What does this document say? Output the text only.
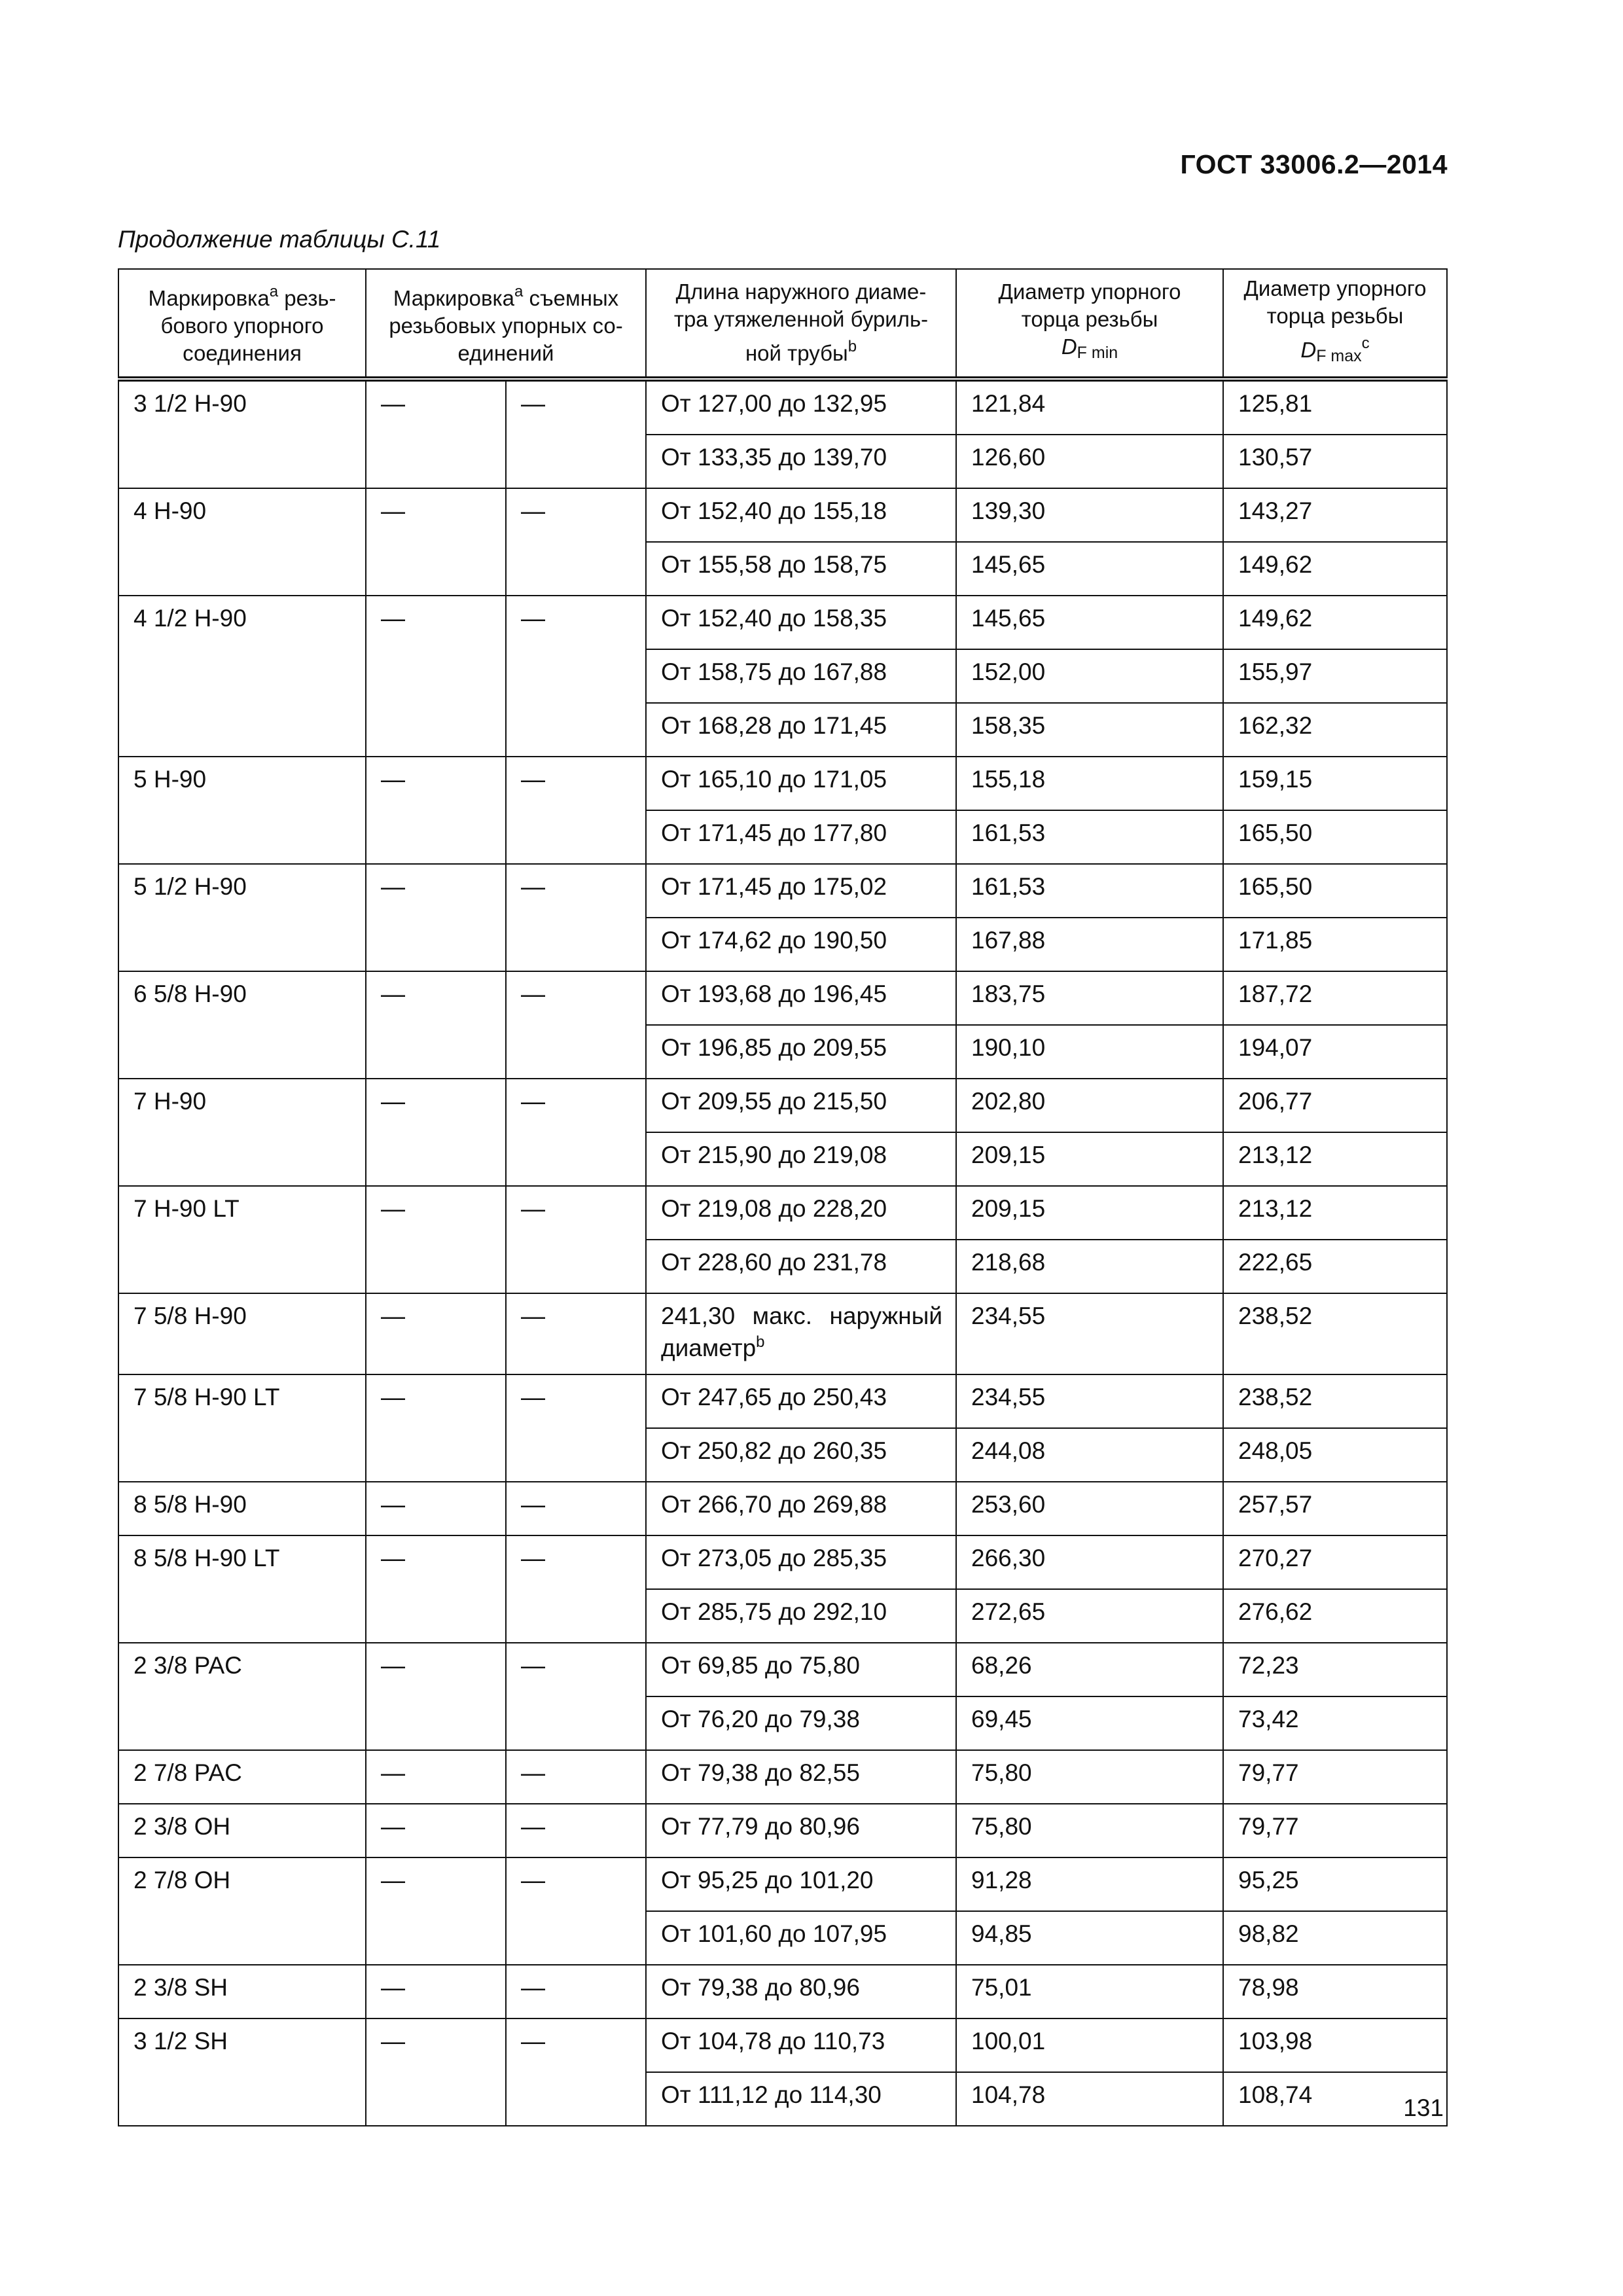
ГОСТ 33006.2—2014
Продолжение таблицы С.11
Маркировка$^a$ резь-
бового упорного
соединения	Маркировка$^a$ съемных
резьбовых упорных со-
единений		Длина наружного диаме-
тра утяжеленной буриль-
ной трубы$^b$	Диаметр упорного
торца резьбы
$D_F$ $_{min}$	Диаметр упорного
торца резьбы
$D_F$ $_{max}^c$
3 1/2 H-90	—	—	От 127,00 до 132,95	121,84	125,81
			От 133,35 до 139,70	126,60	130,57
4 H-90	—	—	От 152,40 до 155,18	139,30	143,27
			От 155,58 до 158,75	145,65	149,62
4 1/2 H-90	—	—	От 152,40 до 158,35	145,65	149,62
			От 158,75 до 167,88	152,00	155,97
			От 168,28 до 171,45	158,35	162,32
5 H-90	—	—	От 165,10 до 171,05	155,18	159,15
			От 171,45 до 177,80	161,53	165,50
5 1/2 H-90	—	—	От 171,45 до 175,02	161,53	165,50
			От 174,62 до 190,50	167,88	171,85
6 5/8 H-90	—	—	От 193,68 до 196,45	183,75	187,72
			От 196,85 до 209,55	190,10	194,07
7 H-90	—	—	От 209,55 до 215,50	202,80	206,77
			От 215,90 до 219,08	209,15	213,12
7 H-90 LT	—	—	От 219,08 до 228,20	209,15	213,12
			От 228,60 до 231,78	218,68	222,65
7 5/8 H-90	—	—	241,30 макс. наружный диаметр$^b$	234,55	238,52
7 5/8 H-90 LT	—	—	От 247,65 до 250,43	234,55	238,52
			От 250,82 до 260,35	244,08	248,05
8 5/8 H-90	—	—	От 266,70 до 269,88	253,60	257,57
8 5/8 H-90 LT	—	—	От 273,05 до 285,35	266,30	270,27
			От 285,75 до 292,10	272,65	276,62
2 3/8 PAC	—	—	От 69,85 до 75,80	68,26	72,23
			От 76,20 до 79,38	69,45	73,42
2 7/8 PAC	—	—	От 79,38 до 82,55	75,80	79,77
2 3/8 OH	—	—	От 77,79 до 80,96	75,80	79,77
2 7/8 OH	—	—	От 95,25 до 101,20	91,28	95,25
			От 101,60 до 107,95	94,85	98,82
2 3/8 SH	—	—	От 79,38 до 80,96	75,01	78,98
3 1/2 SH	—	—	От 104,78 до 110,73	100,01	103,98
			От 111,12 до 114,30	104,78	108,74	131
